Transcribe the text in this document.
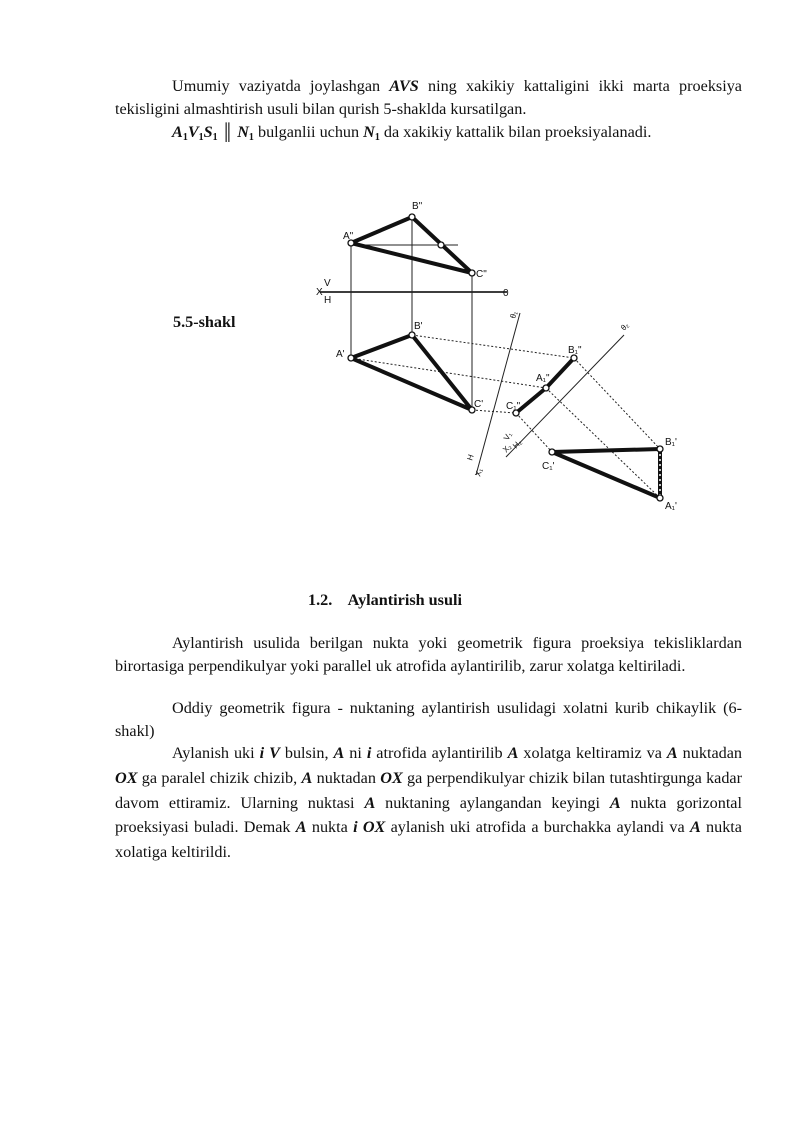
Umumiy vaziyatda joylashgan AVS ning xakikiy kattaligini ikki marta proeksiya tekisligini almashtirish usuli bilan qurish 5-shaklda kursatilgan.

$A_1V_1S_1$ ║ $N_1$ bulganlii uchun $N_1$ da xakikiy kattalik bilan proeksiyalanadi.

5.5-shakl
B"
A"
C"
X
V
H
0
B'
A'
C'
θ₁
θ₂
B₁"
A₁"
C₁"
H
X₁
V₁
X₂
H₂
C₁'
B₁'
A₁'
1.2. Aylantirish usuli

Aylantirish usulida berilgan nukta yoki geometrik figura proeksiya tekisliklardan birortasiga perpendikulyar yoki parallel uk atrofida aylantirilib, zarur xolatga keltiriladi.

Oddiy geometrik figura - nuktaning aylantirish usulidagi xolatni kurib chikaylik (6-shakl)

Aylanish uki i V bulsin, A ni i atrofida aylantirilib A xolatga keltiramiz va A nuktadan OX ga paralel chizik chizib, A nuktadan OX ga perpendikulyar chizik bilan tutashtirgunga kadar davom ettiramiz. Ularning nuktasi A nuktaning aylangandan keyingi A nukta gorizontal proeksiyasi buladi. Demak A nukta i OX aylanish uki atrofida a burchakka aylandi va A nukta xolatiga keltirildi.
